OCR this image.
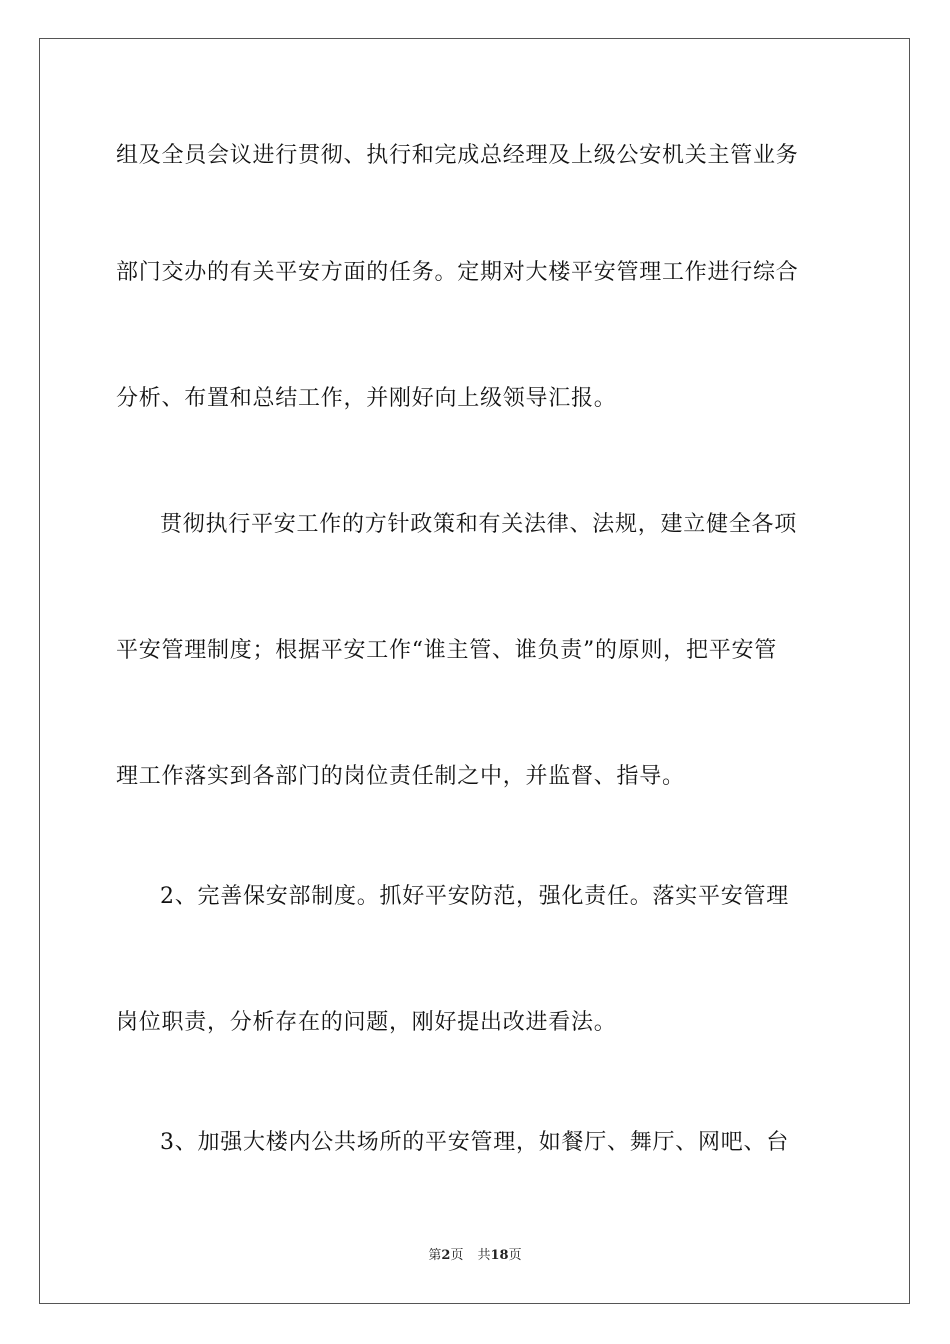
组及全员会议进行贯彻、执行和完成总经理及上级公安机关主管业务
部门交办的有关平安方面的任务。定期对大楼平安管理工作进行综合
分析、布置和总结工作，并刚好向上级领导汇报。
贯彻执行平安工作的方针政策和有关法律、法规，建立健全各项
平安管理制度；根据平安工作“谁主管、谁负责”的原则，把平安管
理工作落实到各部门的岗位责任制之中，并监督、指导。
2、完善保安部制度。抓好平安防范，强化责任。落实平安管理
岗位职责，分析存在的问题，刚好提出改进看法。
3、加强大楼内公共场所的平安管理，如餐厅、舞厅、网吧、台
第2页 共18页
